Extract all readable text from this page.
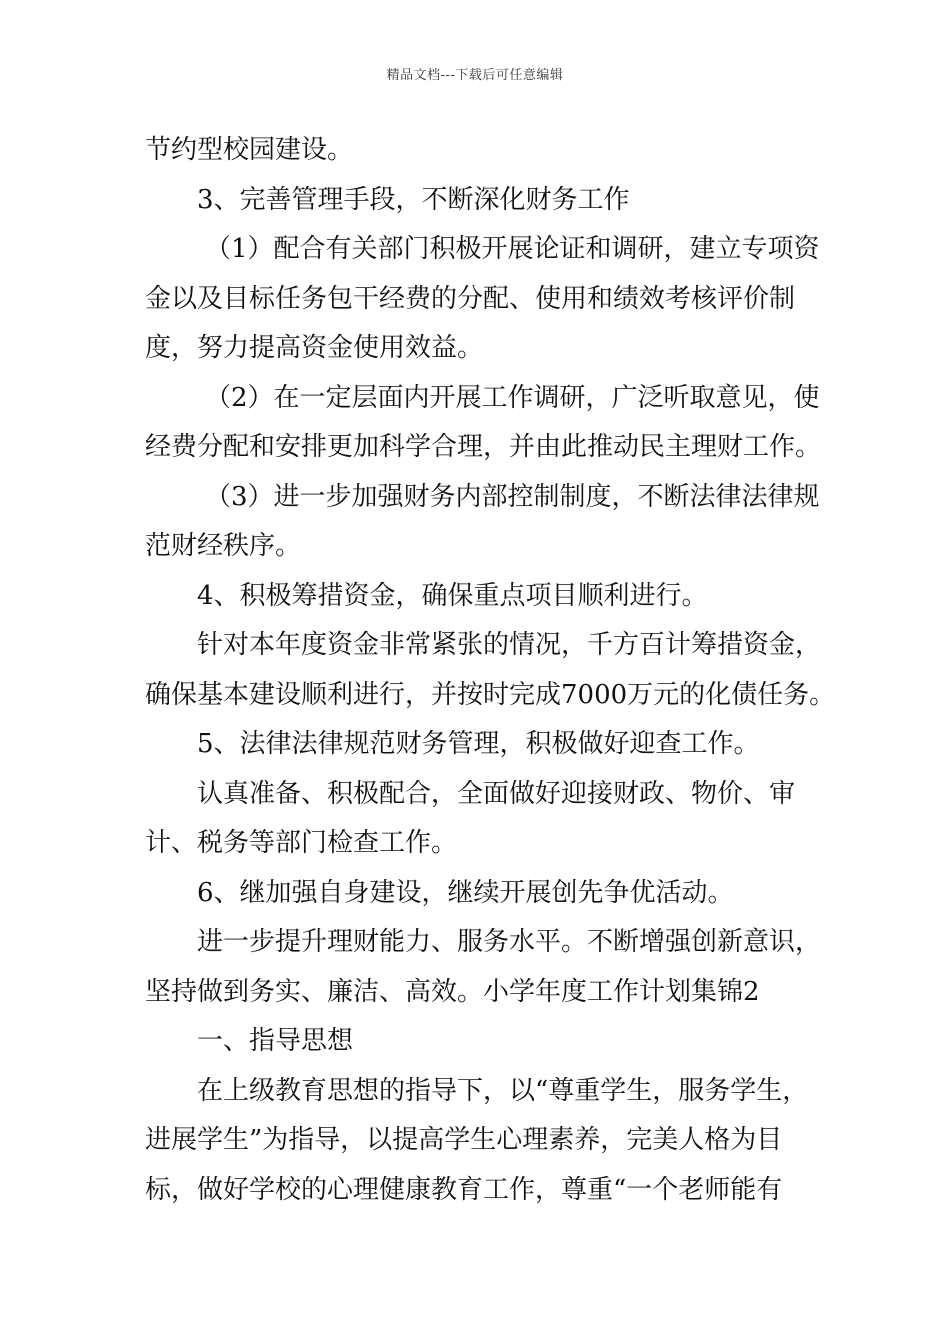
精品文档---下载后可任意编辑
节约型校园建设。
3、完善管理手段，不断深化财务工作
（1）配合有关部门积极开展论证和调研，建立专项资
金以及目标任务包干经费的分配、使用和绩效考核评价制
度，努力提高资金使用效益。
（2）在一定层面内开展工作调研，广泛听取意见，使
经费分配和安排更加科学合理，并由此推动民主理财工作。
（3）进一步加强财务内部控制制度，不断法律法律规
范财经秩序。
4、积极筹措资金，确保重点项目顺利进行。
针对本年度资金非常紧张的情况，千方百计筹措资金，
确保基本建设顺利进行，并按时完成7000万元的化债任务。
5、法律法律规范财务管理，积极做好迎查工作。
认真准备、积极配合，全面做好迎接财政、物价、审
计、税务等部门检查工作。
6、继加强自身建设，继续开展创先争优活动。
进一步提升理财能力、服务水平。不断增强创新意识，
坚持做到务实、廉洁、高效。小学年度工作计划集锦2
一、指导思想
在上级教育思想的指导下，以“尊重学生，服务学生，
进展学生”为指导，以提高学生心理素养，完美人格为目
标，做好学校的心理健康教育工作，尊重“一个老师能有
